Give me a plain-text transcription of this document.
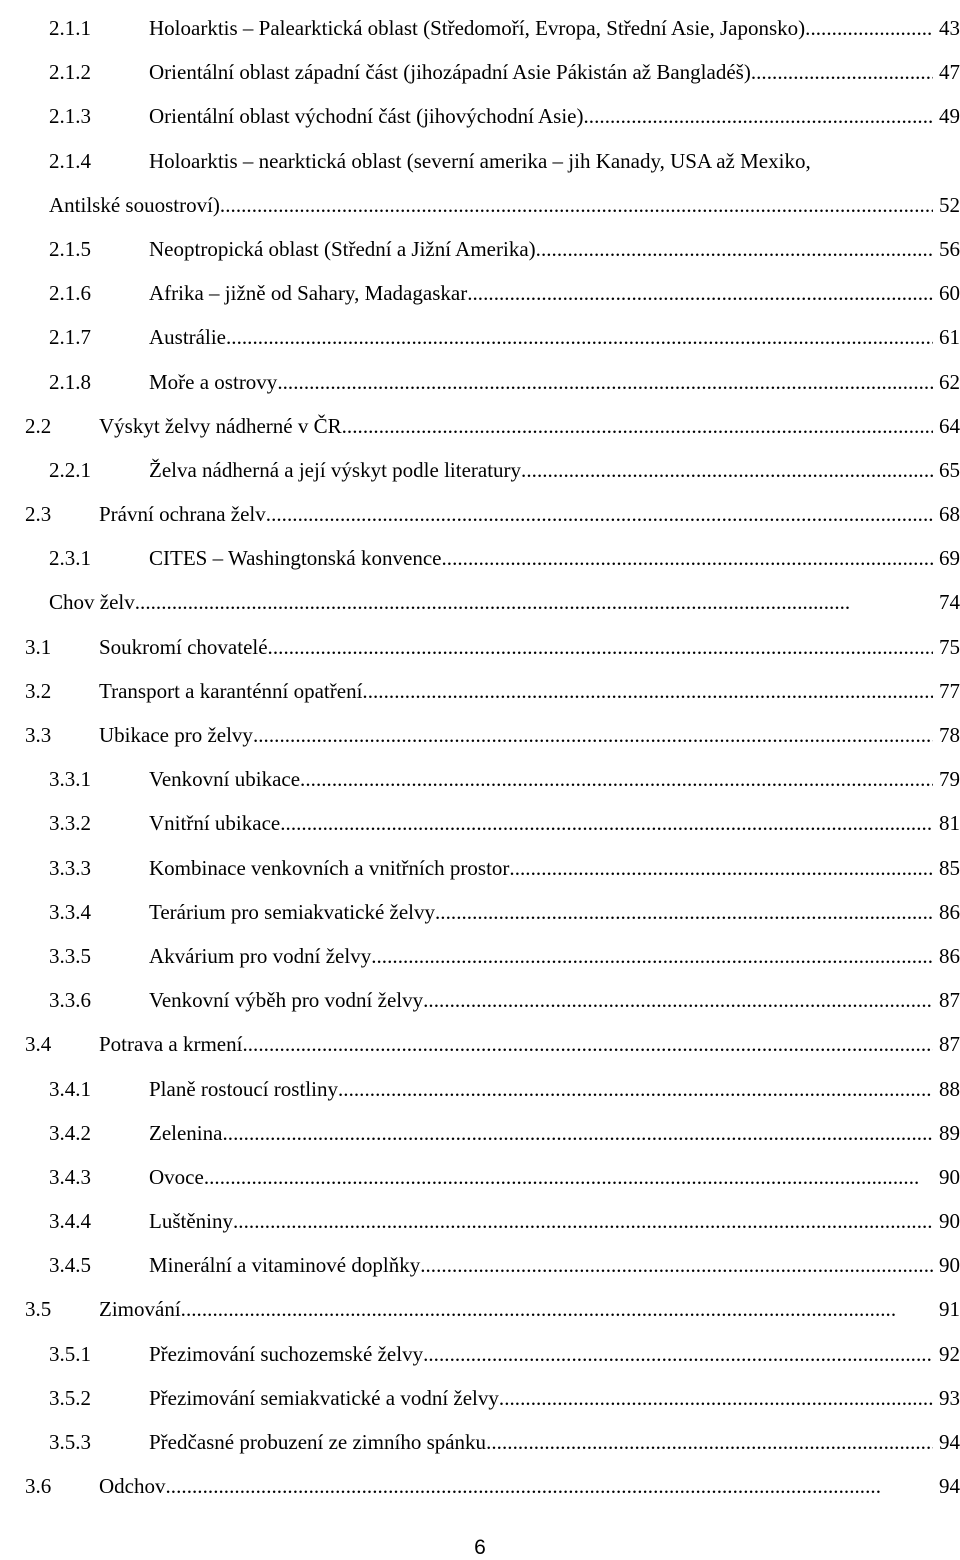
2.1.1	Holoarktis – Palearktická oblast (Středomoří, Evropa, Střední Asie, Japonsko) . . .	43
2.1.2	Orientální oblast západní část (jihozápadní Asie Pákistán až Bangladéš) . . .	47
2.1.3	Orientální oblast východní část (jihovýchodní Asie) . . .	49
2.1.4	Holoarktis – nearktická oblast (severní amerika – jih Kanady, USA až Mexiko,
Antilské souostroví) . . .	52
2.1.5	Neoptropická oblast (Střední a Jižní Amerika) . . .	56
2.1.6	Afrika – jižně od Sahary, Madagaskar . . .	60
2.1.7	Austrálie . . .	61
2.1.8	Moře a ostrovy . . .	62
2.2 Výskyt želvy nádherné v ČR . . .	64
2.2.1	Želva nádherná a její výskyt podle literatury . . .	65
2.3 Právní ochrana želv . . .	68
2.3.1	CITES – Washingtonská konvence . . .	69
Chov želv . . .	74
3.1 Soukromí chovatelé . . .	75
3.2 Transport a karanténní opatření . . .	77
3.3 Ubikace pro želvy . . .	78
3.3.1	Venkovní ubikace . . .	79
3.3.2	Vnitřní ubikace . . .	81
3.3.3	Kombinace venkovních a vnitřních prostor . . .	85
3.3.4	Terárium pro semiakvatické želvy . . .	86
3.3.5	Akvárium pro vodní želvy . . .	86
3.3.6	Venkovní výběh pro vodní želvy . . .	87
3.4 Potrava a krmení . . .	87
3.4.1	Planě rostoucí rostliny . . .	88
3.4.2	Zelenina . . .	89
3.4.3	Ovoce . . .	90
3.4.4	Luštěniny . . .	90
3.4.5	Minerální a vitaminové doplňky . . .	90
3.5 Zimování . . .	91
3.5.1	Přezimování suchozemské želvy . . .	92
3.5.2	Přezimování semiakvatické a vodní želvy . . .	93
3.5.3	Předčasné probuzení ze zimního spánku . . .	94
3.6 Odchov . . .	94
6
